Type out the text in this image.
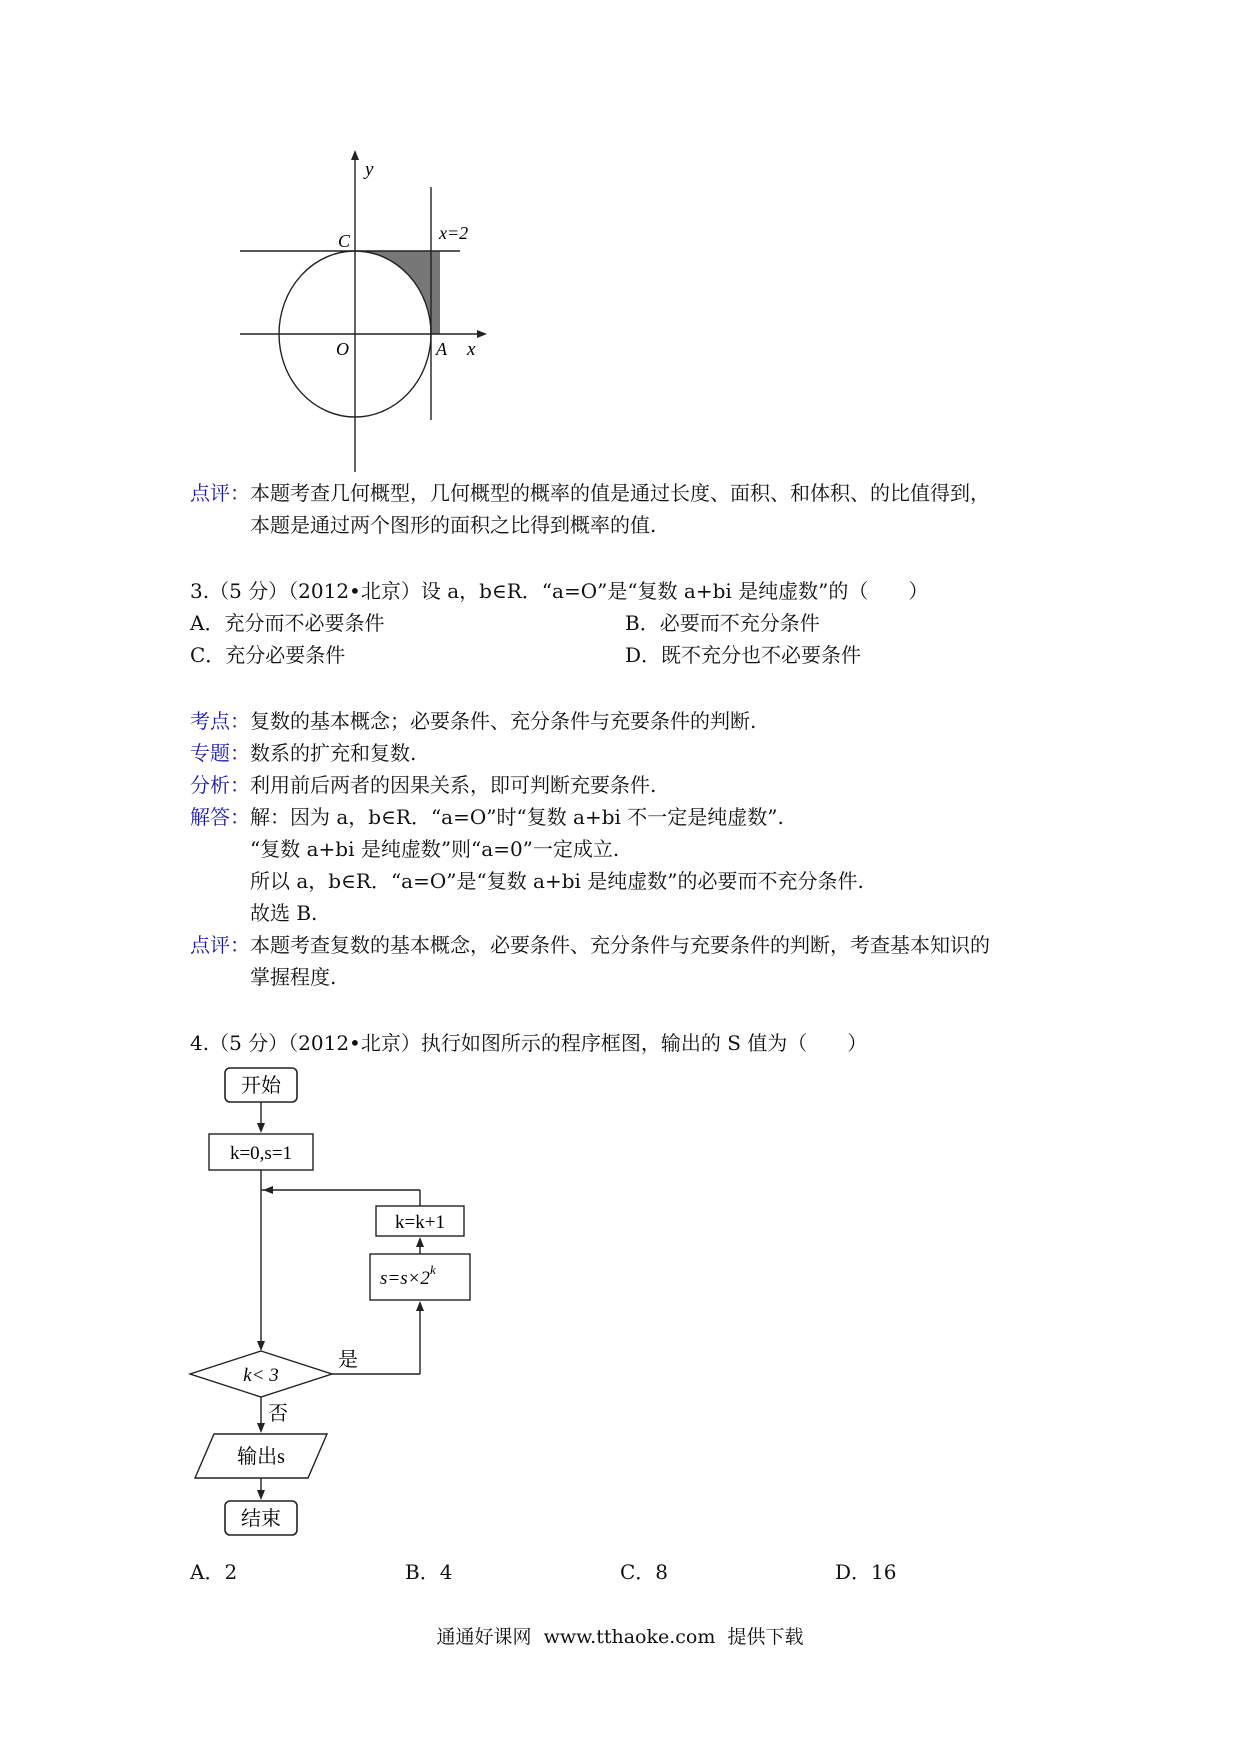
y
C	x=2
O	A x
点评：本题考查几何概型，几何概型的概率的值是通过长度、面积、和体积、的比值得到，
本题是通过两个图形的面积之比得到概率的值.
3.（5 分）（2012•北京）设 a，b∈R．“a=O”是“复数 a+bi 是纯虚数”的（　　）
A．充分而不必要条件	B．必要而不充分条件
C．充分必要条件	D．既不充分也不必要条件
考点：复数的基本概念；必要条件、充分条件与充要条件的判断.
专题：数系的扩充和复数.
分析：利用前后两者的因果关系，即可判断充要条件.
解答：解：因为 a，b∈R．“a=O”时“复数 a+bi 不一定是纯虚数”.
“复数 a+bi 是纯虚数”则“a=0”一定成立.
所以 a，b∈R．“a=O”是“复数 a+bi 是纯虚数”的必要而不充分条件.
故选 B.
点评：本题考查复数的基本概念，必要条件、充分条件与充要条件的判断，考查基本知识的
掌握程度.
4.（5 分）（2012•北京）执行如图所示的程序框图，输出的 S 值为（　　）
开始
k=0,s=1
k=k+1
$s=s\times 2^k$
是
k< 3
否
输出s
结束
A．2	B．4	C．8	D．16
通通好课网  www.tthaoke.com  提供下载
